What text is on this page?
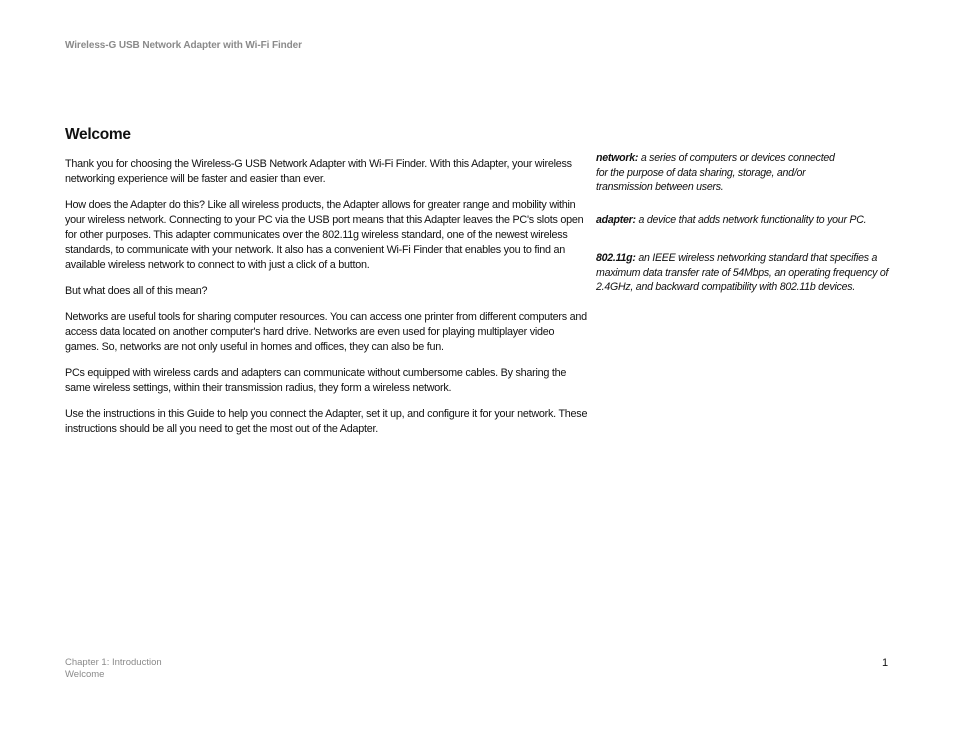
Wireless-G USB Network Adapter with Wi-Fi Finder
Welcome

Thank you for choosing the Wireless-G USB Network Adapter with Wi-Fi Finder. With this Adapter, your wireless networking experience will be faster and easier than ever.

How does the Adapter do this? Like all wireless products, the Adapter allows for greater range and mobility within your wireless network. Connecting to your PC via the USB port means that this Adapter leaves the PC's slots open for other purposes. This adapter communicates over the 802.11g wireless standard, one of the newest wireless standards, to communicate with your network. It also has a convenient Wi-Fi Finder that enables you to find an available wireless network to connect to with just a click of a button.

But what does all of this mean?

Networks are useful tools for sharing computer resources. You can access one printer from different computers and access data located on another computer's hard drive. Networks are even used for playing multiplayer video games. So, networks are not only useful in homes and offices, they can also be fun.

PCs equipped with wireless cards and adapters can communicate without cumbersome cables. By sharing the same wireless settings, within their transmission radius, they form a wireless network.

Use the instructions in this Guide to help you connect the Adapter, set it up, and configure it for your network. These instructions should be all you need to get the most out of the Adapter.

network: a series of computers or devices connected for the purpose of data sharing, storage, and/or transmission between users.

adapter: a device that adds network functionality to your PC.

802.11g: an IEEE wireless networking standard that specifies a maximum data transfer rate of 54Mbps, an operating frequency of 2.4GHz, and backward compatibility with 802.11b devices.

Chapter 1: Introduction
Welcome
1
